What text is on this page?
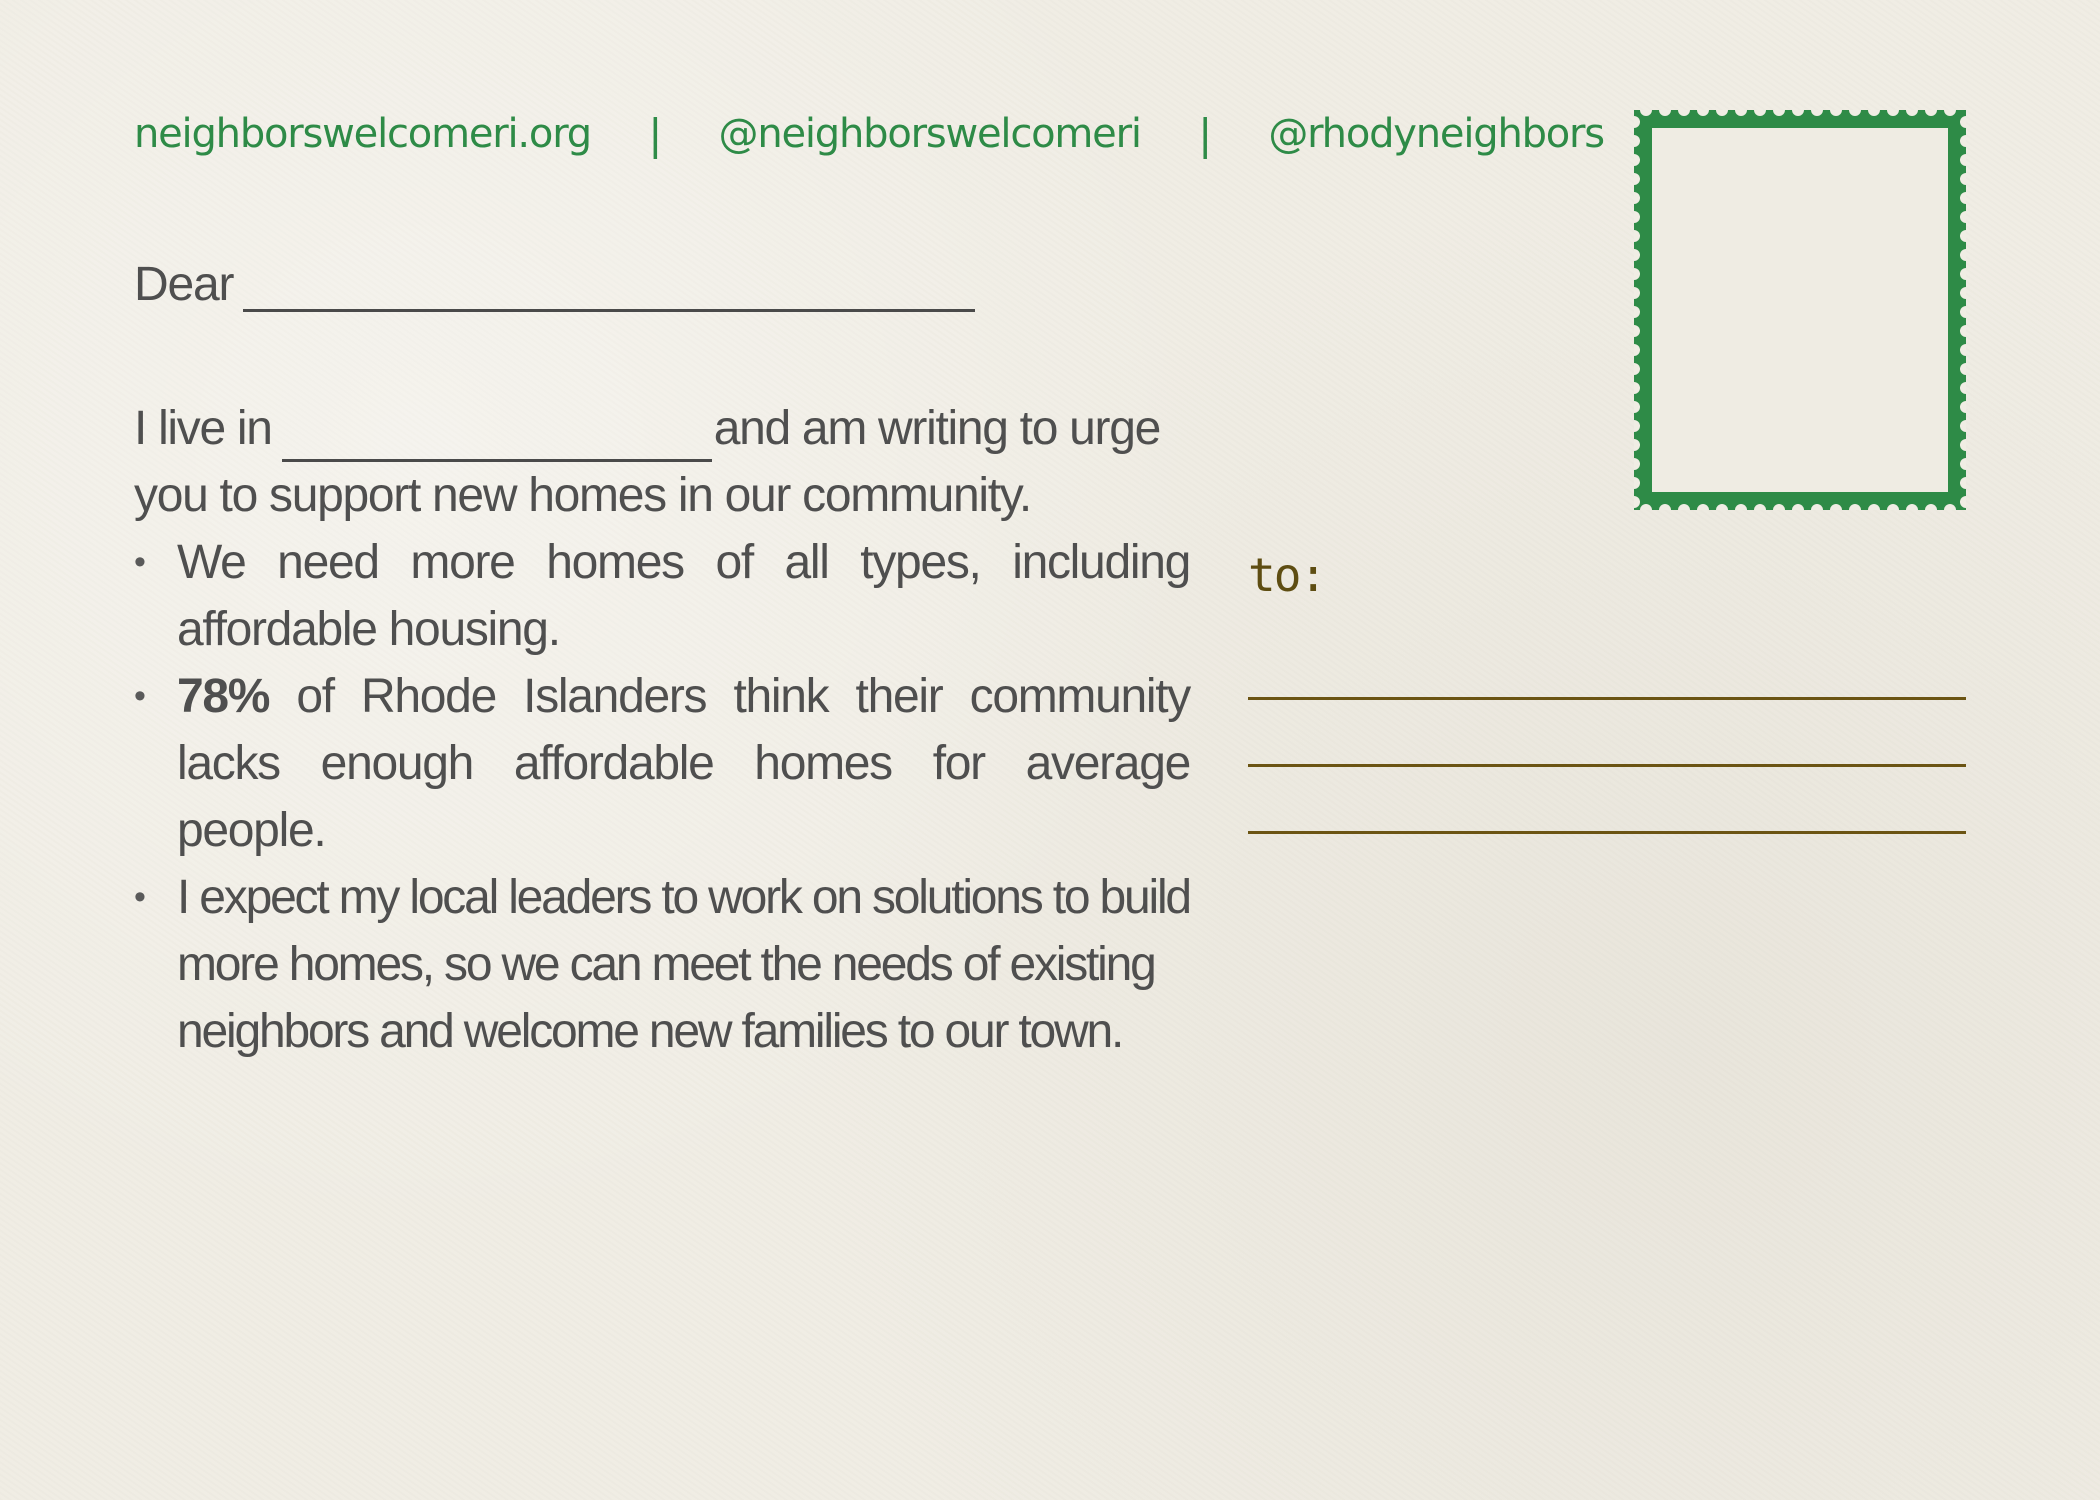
neighborswelcomeri.org | @neighborswelcomeri | @rhodyneighbors
Dear
I live in	and am writing to urge
you to support new homes in our community.
• We need more homes of all types, including affordable housing.
• 78% of Rhode Islanders think their community lacks enough affordable homes for average people.
• I expect my local leaders to work on solutions to build more homes, so we can meet the needs of existing neighbors and welcome new families to our town.
to:
